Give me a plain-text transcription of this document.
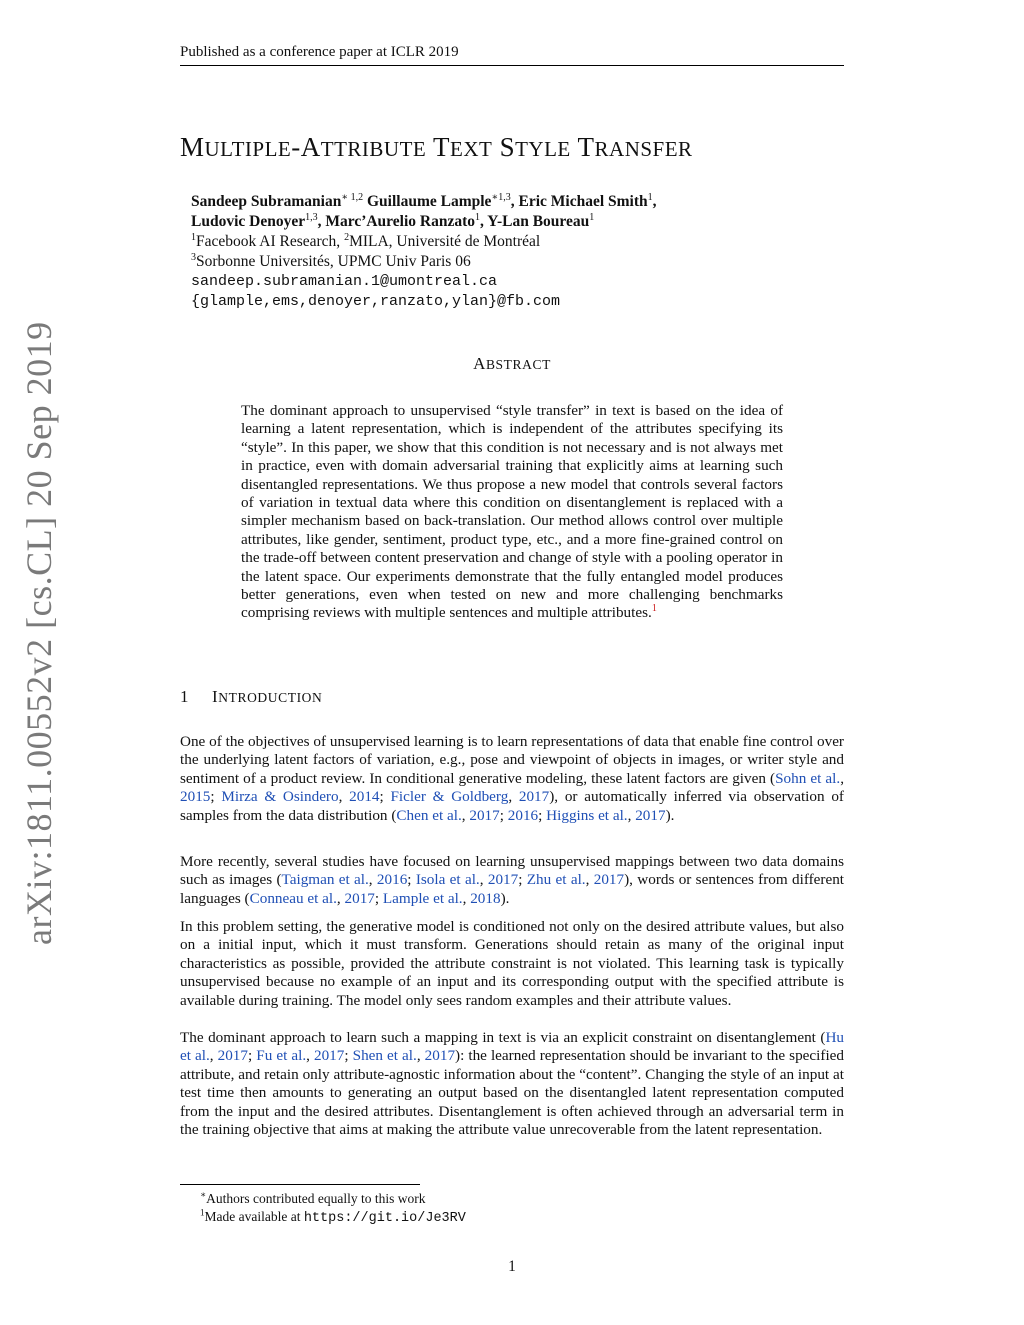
Published as a conference paper at ICLR 2019
MULTIPLE-ATTRIBUTE TEXT STYLE TRANSFER
Sandeep Subramanian$^{∗ 1,2}$ Guillaume Lample$^{∗1,3}$, Eric Michael Smith$^1$,
Ludovic Denoyer$^{1,3}$, Marc’Aurelio Ranzato$^1$, Y-Lan Boureau$^1$
$^1$Facebook AI Research, $^2$MILA, Université de Montréal
$^3$Sorbonne Universités, UPMC Univ Paris 06
sandeep.subramanian.1@umontreal.ca
{glample,ems,denoyer,ranzato,ylan}@fb.com
arXiv:1811.00552v2 [cs.CL] 20 Sep 2019	ABSTRACT
The dominant approach to unsupervised “style transfer” in text is based on the idea of learning a latent representation, which is independent of the attributes specifying its “style”. In this paper, we show that this condition is not necessary and is not always met in practice, even with domain adversarial training that explicitly aims at learning such disentangled representations. We thus propose a new model that controls several factors of variation in textual data where this condition on disentanglement is replaced with a simpler mechanism based on back-translation. Our method allows control over multiple attributes, like gender, sentiment, product type, etc., and a more fine-grained control on the trade-off between content preservation and change of style with a pooling operator in the latent space. Our experiments demonstrate that the fully entangled model produces better generations, even when tested on new and more challenging benchmarks comprising reviews with multiple sentences and multiple attributes.$^1$
1 INTRODUCTION
One of the objectives of unsupervised learning is to learn representations of data that enable fine control over the underlying latent factors of variation, e.g., pose and viewpoint of objects in images, or writer style and sentiment of a product review. In conditional generative modeling, these latent factors are given (Sohn et al., 2015; Mirza & Osindero, 2014; Ficler & Goldberg, 2017), or automatically inferred via observation of samples from the data distribution (Chen et al., 2017; 2016; Higgins et al., 2017).
More recently, several studies have focused on learning unsupervised mappings between two data domains such as images (Taigman et al., 2016; Isola et al., 2017; Zhu et al., 2017), words or sentences from different languages (Conneau et al., 2017; Lample et al., 2018).
In this problem setting, the generative model is conditioned not only on the desired attribute values, but also on a initial input, which it must transform. Generations should retain as many of the original input characteristics as possible, provided the attribute constraint is not violated. This learning task is typically unsupervised because no example of an input and its corresponding output with the specified attribute is available during training. The model only sees random examples and their attribute values.
The dominant approach to learn such a mapping in text is via an explicit constraint on disentanglement (Hu et al., 2017; Fu et al., 2017; Shen et al., 2017): the learned representation should be invariant to the specified attribute, and retain only attribute-agnostic information about the “content”. Changing the style of an input at test time then amounts to generating an output based on the disentangled latent representation computed from the input and the desired attributes. Disentanglement is often achieved through an adversarial term in the training objective that aims at making the attribute value unrecoverable from the latent representation.
∗Authors contributed equally to this work
$^1$Made available at https://git.io/Je3RV
1
